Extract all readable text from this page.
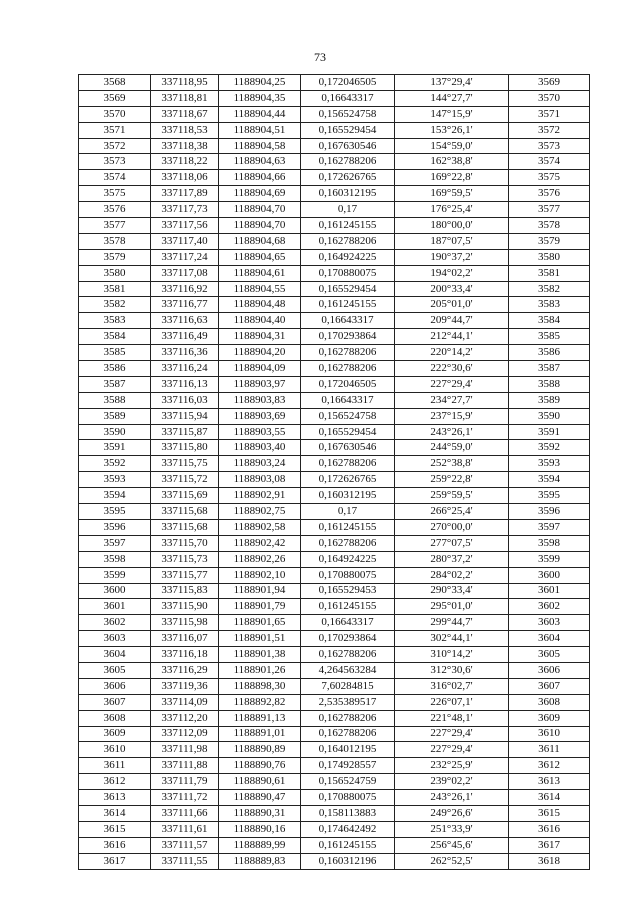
73
3568	337118,95	1188904,25	0,172046505	137°29,4'	3569
3569	337118,81	1188904,35	0,16643317	144°27,7'	3570
3570	337118,67	1188904,44	0,156524758	147°15,9'	3571
3571	337118,53	1188904,51	0,165529454	153°26,1'	3572
3572	337118,38	1188904,58	0,167630546	154°59,0'	3573
3573	337118,22	1188904,63	0,162788206	162°38,8'	3574
3574	337118,06	1188904,66	0,172626765	169°22,8'	3575
3575	337117,89	1188904,69	0,160312195	169°59,5'	3576
3576	337117,73	1188904,70	0,17	176°25,4'	3577
3577	337117,56	1188904,70	0,161245155	180°00,0'	3578
3578	337117,40	1188904,68	0,162788206	187°07,5'	3579
3579	337117,24	1188904,65	0,164924225	190°37,2'	3580
3580	337117,08	1188904,61	0,170880075	194°02,2'	3581
3581	337116,92	1188904,55	0,165529454	200°33,4'	3582
3582	337116,77	1188904,48	0,161245155	205°01,0'	3583
3583	337116,63	1188904,40	0,16643317	209°44,7'	3584
3584	337116,49	1188904,31	0,170293864	212°44,1'	3585
3585	337116,36	1188904,20	0,162788206	220°14,2'	3586
3586	337116,24	1188904,09	0,162788206	222°30,6'	3587
3587	337116,13	1188903,97	0,172046505	227°29,4'	3588
3588	337116,03	1188903,83	0,16643317	234°27,7'	3589
3589	337115,94	1188903,69	0,156524758	237°15,9'	3590
3590	337115,87	1188903,55	0,165529454	243°26,1'	3591
3591	337115,80	1188903,40	0,167630546	244°59,0'	3592
3592	337115,75	1188903,24	0,162788206	252°38,8'	3593
3593	337115,72	1188903,08	0,172626765	259°22,8'	3594
3594	337115,69	1188902,91	0,160312195	259°59,5'	3595
3595	337115,68	1188902,75	0,17	266°25,4'	3596
3596	337115,68	1188902,58	0,161245155	270°00,0'	3597
3597	337115,70	1188902,42	0,162788206	277°07,5'	3598
3598	337115,73	1188902,26	0,164924225	280°37,2'	3599
3599	337115,77	1188902,10	0,170880075	284°02,2'	3600
3600	337115,83	1188901,94	0,165529453	290°33,4'	3601
3601	337115,90	1188901,79	0,161245155	295°01,0'	3602
3602	337115,98	1188901,65	0,16643317	299°44,7'	3603
3603	337116,07	1188901,51	0,170293864	302°44,1'	3604
3604	337116,18	1188901,38	0,162788206	310°14,2'	3605
3605	337116,29	1188901,26	4,264563284	312°30,6'	3606
3606	337119,36	1188898,30	7,60284815	316°02,7'	3607
3607	337114,09	1188892,82	2,535389517	226°07,1'	3608
3608	337112,20	1188891,13	0,162788206	221°48,1'	3609
3609	337112,09	1188891,01	0,162788206	227°29,4'	3610
3610	337111,98	1188890,89	0,164012195	227°29,4'	3611
3611	337111,88	1188890,76	0,174928557	232°25,9'	3612
3612	337111,79	1188890,61	0,156524759	239°02,2'	3613
3613	337111,72	1188890,47	0,170880075	243°26,1'	3614
3614	337111,66	1188890,31	0,158113883	249°26,6'	3615
3615	337111,61	1188890,16	0,174642492	251°33,9'	3616
3616	337111,57	1188889,99	0,161245155	256°45,6'	3617
3617	337111,55	1188889,83	0,160312196	262°52,5'	3618
